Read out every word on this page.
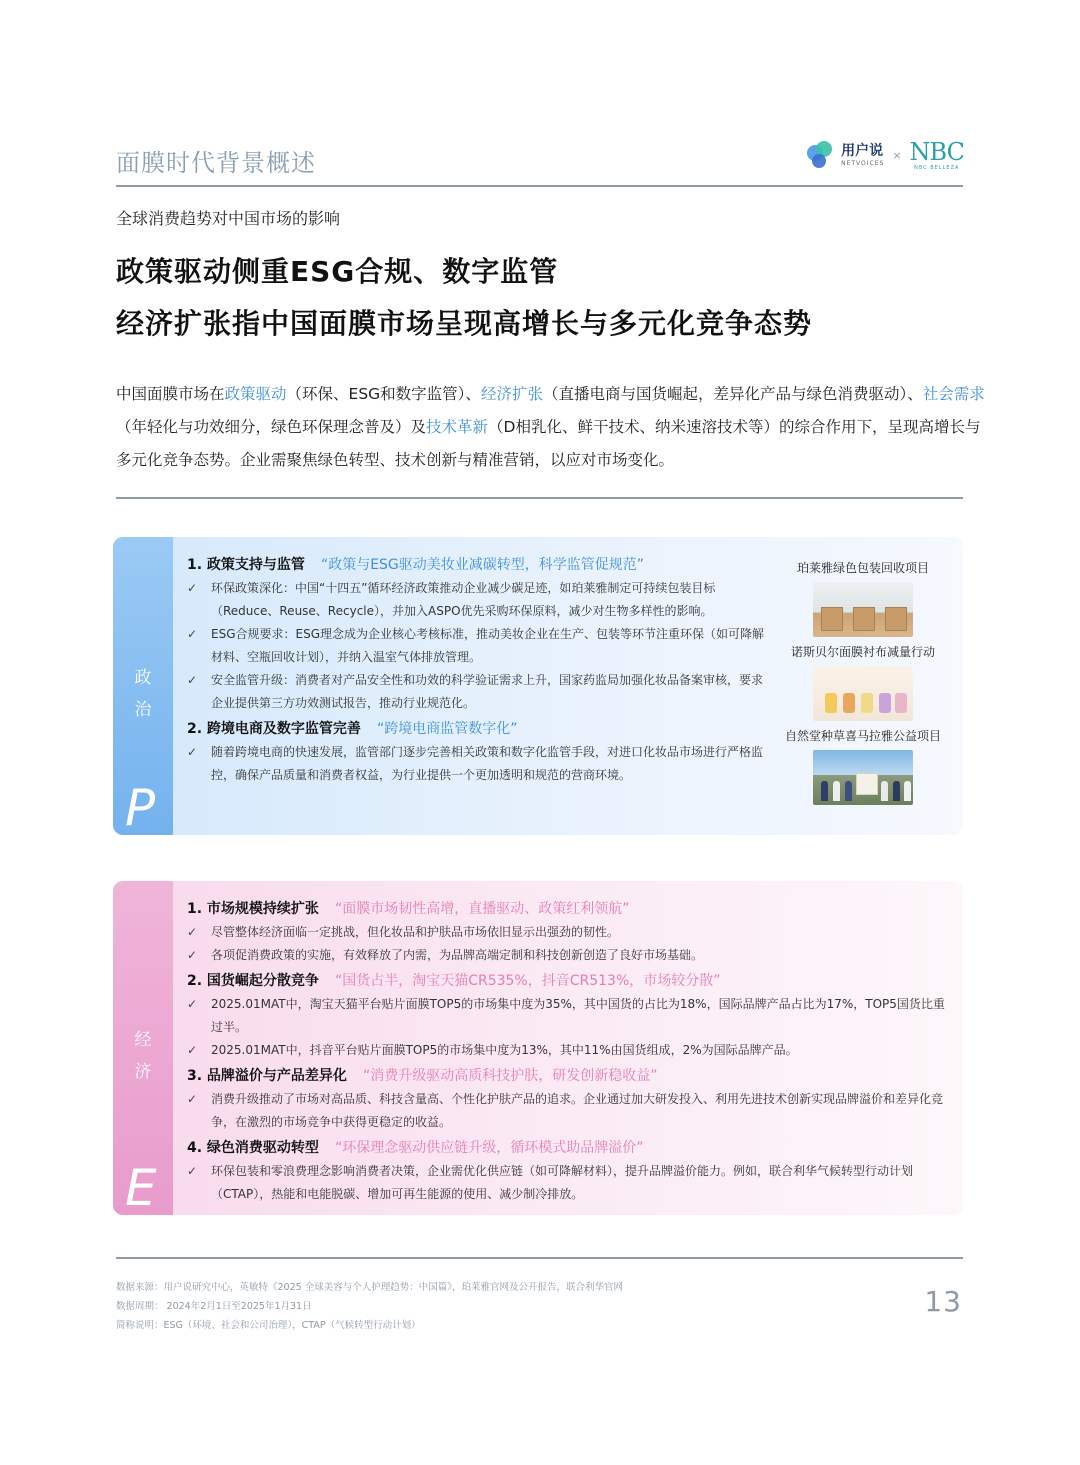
面膜时代背景概述	用户说
NETVOICES
× NBC
NBC BELLEZA
全球消费趋势对中国市场的影响
政策驱动侧重ESG合规、数字监管
经济扩张指中国面膜市场呈现高增长与多元化竞争态势
中国面膜市场在政策驱动（环保、ESG和数字监管）、经济扩张（直播电商与国货崛起，差异化产品与绿色消费驱动）、社会需求（年轻化与功效细分，绿色环保理念普及）及技术革新（D相乳化、鲜干技术、纳米速溶技术等）的综合作用下，呈现高增长与多元化竞争态势。企业需聚焦绿色转型、技术创新与精准营销，以应对市场变化。
政
治
P
1. 政策支持与监管 “政策与ESG驱动美妆业减碳转型，科学监管促规范”
✓ 环保政策深化：中国“十四五”循环经济政策推动企业减少碳足迹，如珀莱雅制定可持续包装目标（Reduce、Reuse、Recycle），并加入ASPO优先采购环保原料，减少对生物多样性的影响。
✓ ESG合规要求：ESG理念成为企业核心考核标准，推动美妆企业在生产、包装等环节注重环保（如可降解材料、空瓶回收计划），并纳入温室气体排放管理。
✓ 安全监管升级：消费者对产品安全性和功效的科学验证需求上升，国家药监局加强化妆品备案审核，要求企业提供第三方功效测试报告，推动行业规范化。
2. 跨境电商及数字监管完善 “跨境电商监管数字化”
✓ 随着跨境电商的快速发展，监管部门逐步完善相关政策和数字化监管手段，对进口化妆品市场进行严格监控，确保产品质量和消费者权益，为行业提供一个更加透明和规范的营商环境。
珀莱雅绿色包装回收项目
诺斯贝尔面膜衬布减量行动
自然堂种草喜马拉雅公益项目
经
济
E
1. 市场规模持续扩张 “面膜市场韧性高增，直播驱动、政策红利领航”
✓ 尽管整体经济面临一定挑战，但化妆品和护肤品市场依旧显示出强劲的韧性。
✓ 各项促消费政策的实施，有效释放了内需，为品牌高端定制和科技创新创造了良好市场基础。
2. 国货崛起分散竞争 “国货占半，淘宝天猫CR535%，抖音CR513%，市场较分散”
✓ 2025.01MAT中，淘宝天猫平台贴片面膜TOP5的市场集中度为35%，其中国货的占比为18%，国际品牌产品占比为17%，TOP5国货比重过半。
✓ 2025.01MAT中，抖音平台贴片面膜TOP5的市场集中度为13%，其中11%由国货组成，2%为国际品牌产品。
3. 品牌溢价与产品差异化 “消费升级驱动高质科技护肤，研发创新稳收益”
✓ 消费升级推动了市场对高品质、科技含量高、个性化护肤产品的追求。企业通过加大研发投入、利用先进技术创新实现品牌溢价和差异化竞争，在激烈的市场竞争中获得更稳定的收益。
4. 绿色消费驱动转型 “环保理念驱动供应链升级，循环模式助品牌溢价”
✓ 环保包装和零浪费理念影响消费者决策，企业需优化供应链（如可降解材料），提升品牌溢价能力。例如，联合利华气候转型行动计划（CTAP），热能和电能脱碳、增加可再生能源的使用、减少制冷排放。
数据来源：用户说研究中心，英敏特《2025 全球美容与个人护理趋势：中国篇》，珀莱雅官网及公开报告，联合利华官网
数据周期： 2024年2月1日至2025年1月31日
简称说明：ESG（环境、社会和公司治理），CTAP（气候转型行动计划）
13
